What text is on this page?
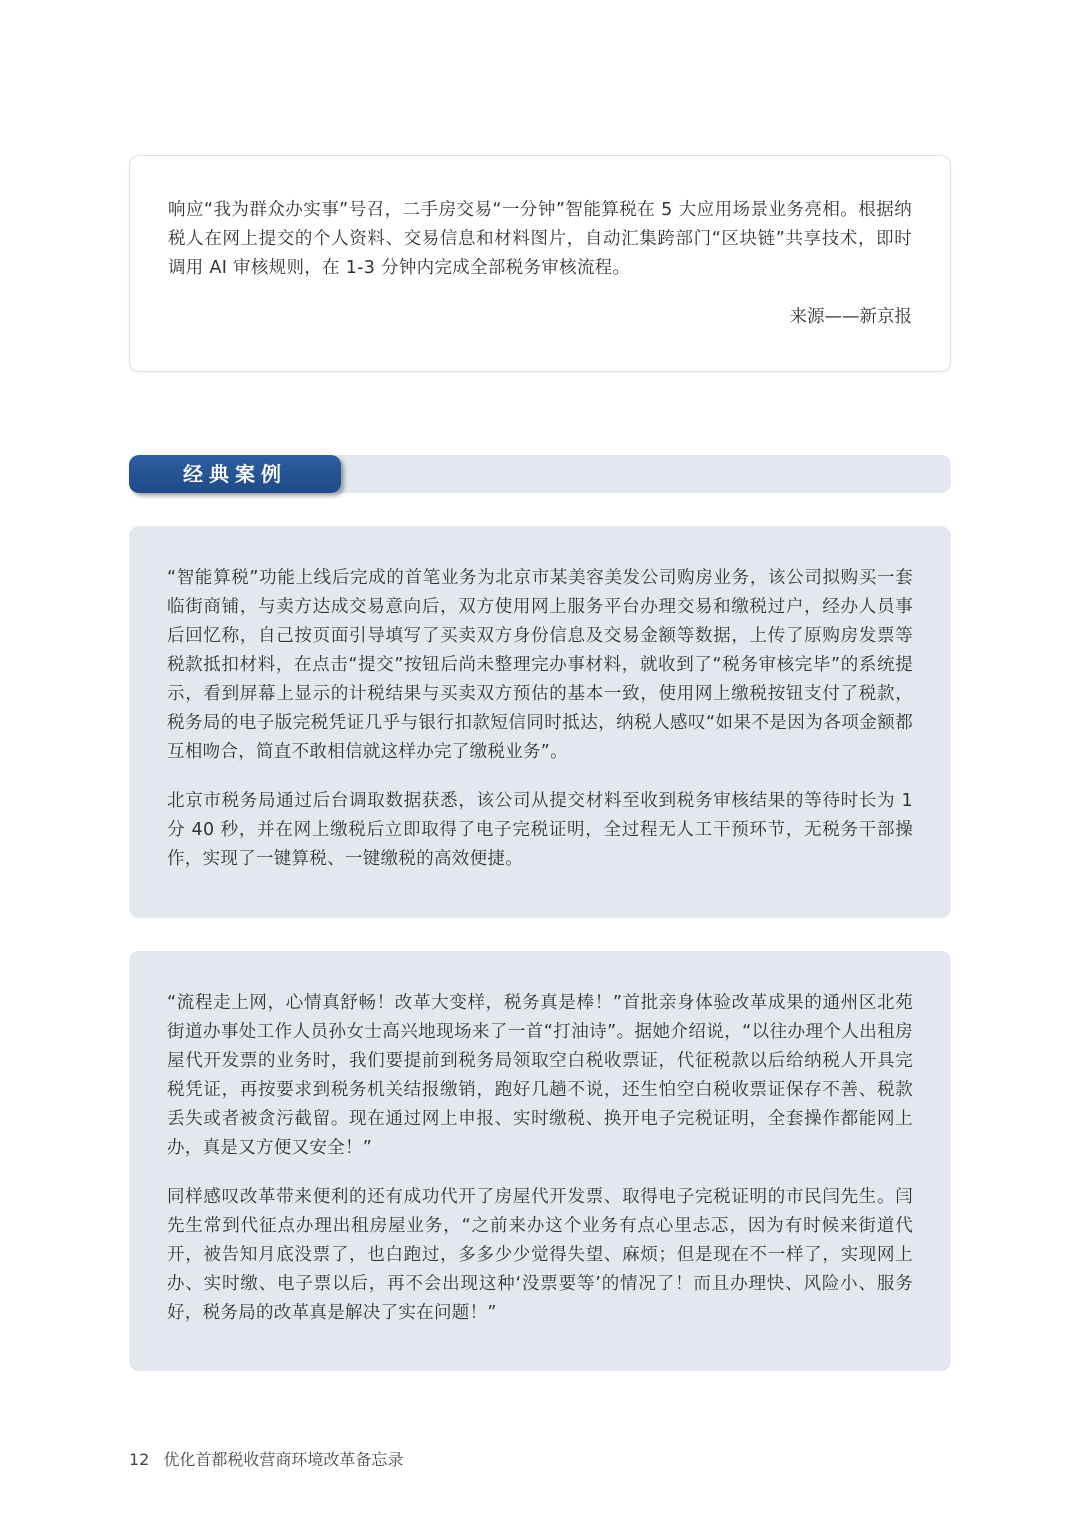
响应“我为群众办实事”号召，二手房交易“一分钟”智能算税在 5 大应用场景业务亮相。根据纳税人在网上提交的个人资料、交易信息和材料图片，自动汇集跨部门“区块链”共享技术，即时调用 AI 审核规则，在 1-3 分钟内完成全部税务审核流程。

来源——新京报
经典案例

“智能算税”功能上线后完成的首笔业务为北京市某美容美发公司购房业务，该公司拟购买一套临街商铺，与卖方达成交易意向后，双方使用网上服务平台办理交易和缴税过户，经办人员事后回忆称，自己按页面引导填写了买卖双方身份信息及交易金额等数据，上传了原购房发票等税款抵扣材料，在点击“提交”按钮后尚未整理完办事材料，就收到了“税务审核完毕”的系统提示，看到屏幕上显示的计税结果与买卖双方预估的基本一致，使用网上缴税按钮支付了税款，税务局的电子版完税凭证几乎与银行扣款短信同时抵达，纳税人感叹“如果不是因为各项金额都互相吻合，简直不敢相信就这样办完了缴税业务”。

北京市税务局通过后台调取数据获悉，该公司从提交材料至收到税务审核结果的等待时长为 1 分 40 秒，并在网上缴税后立即取得了电子完税证明，全过程无人工干预环节，无税务干部操作，实现了一键算税、一键缴税的高效便捷。

“流程走上网，心情真舒畅！改革大变样，税务真是棒！”首批亲身体验改革成果的通州区北苑街道办事处工作人员孙女士高兴地现场来了一首“打油诗”。据她介绍说，“以往办理个人出租房屋代开发票的业务时，我们要提前到税务局领取空白税收票证，代征税款以后给纳税人开具完税凭证，再按要求到税务机关结报缴销，跑好几趟不说，还生怕空白税收票证保存不善、税款丢失或者被贪污截留。现在通过网上申报、实时缴税、换开电子完税证明，全套操作都能网上办，真是又方便又安全！”

同样感叹改革带来便利的还有成功代开了房屋代开发票、取得电子完税证明的市民闫先生。闫先生常到代征点办理出租房屋业务，“之前来办这个业务有点心里忐忑，因为有时候来街道代开，被告知月底没票了，也白跑过，多多少少觉得失望、麻烦；但是现在不一样了，实现网上办、实时缴、电子票以后，再不会出现这种‘没票要等’的情况了！而且办理快、风险小、服务好，税务局的改革真是解决了实在问题！”

12 优化首都税收营商环境改革备忘录
